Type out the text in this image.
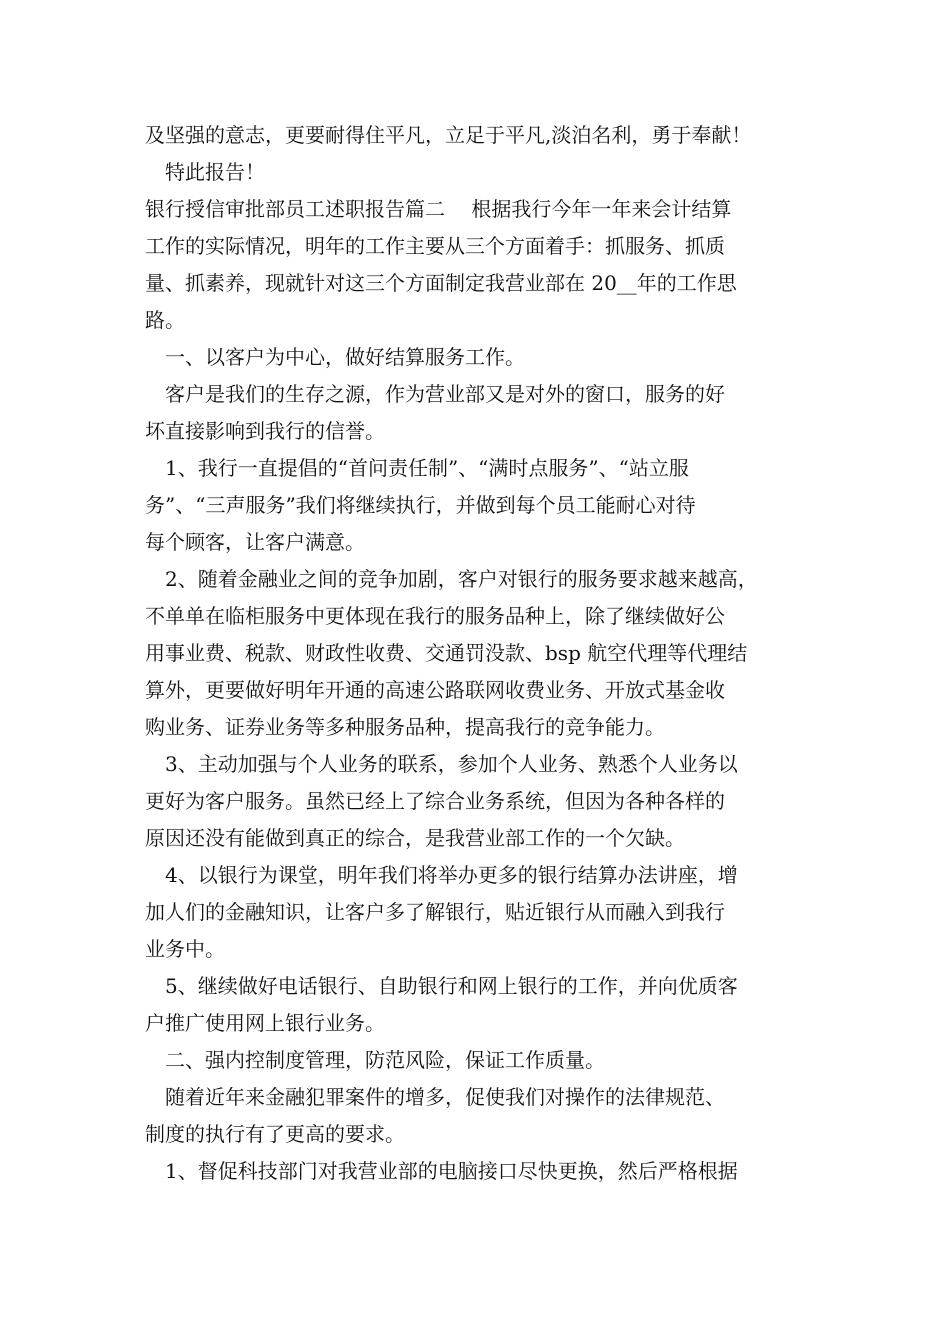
及坚强的意志，更要耐得住平凡，立足于平凡,淡泊名利，勇于奉献！
　特此报告！
银行授信审批部员工述职报告篇二　 根据我行今年一年来会计结算
工作的实际情况，明年的工作主要从三个方面着手：抓服务、抓质
量、抓素养，现就针对这三个方面制定我营业部在 20__年的工作思
路。
　一、以客户为中心，做好结算服务工作。
　客户是我们的生存之源，作为营业部又是对外的窗口，服务的好
坏直接影响到我行的信誉。
　1、我行一直提倡的“首问责任制”、“满时点服务”、“站立服
务”、“三声服务”我们将继续执行，并做到每个员工能耐心对待
每个顾客，让客户满意。
　2、随着金融业之间的竞争加剧，客户对银行的服务要求越来越高，
不单单在临柜服务中更体现在我行的服务品种上，除了继续做好公
用事业费、税款、财政性收费、交通罚没款、bsp 航空代理等代理结
算外，更要做好明年开通的高速公路联网收费业务、开放式基金收
购业务、证券业务等多种服务品种，提高我行的竞争能力。
　3、主动加强与个人业务的联系，参加个人业务、熟悉个人业务以
更好为客户服务。虽然已经上了综合业务系统，但因为各种各样的
原因还没有能做到真正的综合，是我营业部工作的一个欠缺。
　4、以银行为课堂，明年我们将举办更多的银行结算办法讲座，增
加人们的金融知识，让客户多了解银行，贴近银行从而融入到我行
业务中。
　5、继续做好电话银行、自助银行和网上银行的工作，并向优质客
户推广使用网上银行业务。
　二、强内控制度管理，防范风险，保证工作质量。
　随着近年来金融犯罪案件的增多，促使我们对操作的法律规范、
制度的执行有了更高的要求。
　1、督促科技部门对我营业部的电脑接口尽快更换，然后严格根据
